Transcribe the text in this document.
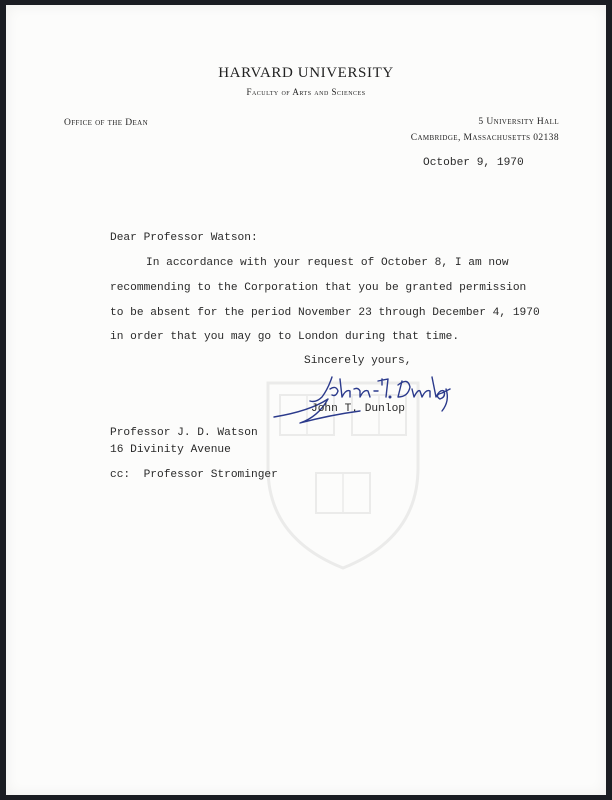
HARVARD UNIVERSITY
Faculty of Arts and Sciences
Office of the Dean	5 University Hall
Cambridge, Massachusetts 02138
October 9, 1970
Dear Professor Watson:
In accordance with your request of October 8, I am now
recommending to the Corporation that you be granted permission
to be absent for the period November 23 through December 4, 1970
in order that you may go to London during that time.
Sincerely yours,
John T. Dunlop
Professor J. D. Watson
16 Divinity Avenue
cc:  Professor Strominger
